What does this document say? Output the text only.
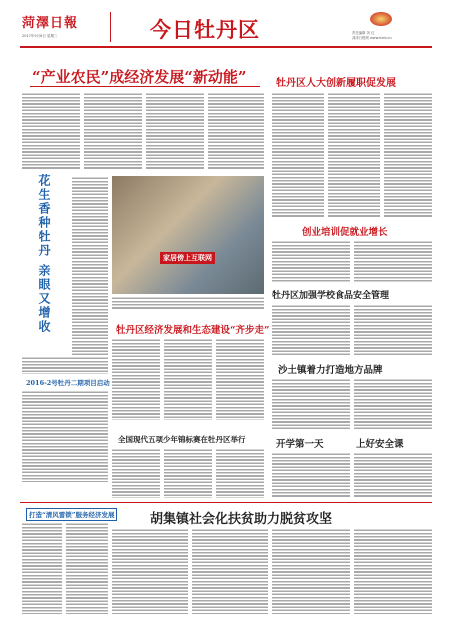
菏澤日報
2017年9月6日 星期三	今日牡丹区	责任编辑 刘 红
菏泽日报网 www.hzrb.cn
“产业农民”成经济发展“新动能”
花生香种牡丹 亲眼又增收	家居傍上互联网
2016-2号牡丹二期项目启动
牡丹区经济发展和生态建设“齐步走”
全国现代五项少年锦标赛在牡丹区举行
牡丹区人大创新履职促发展
创业培训促就业增长
牡丹区加强学校食品安全管理
沙土镇着力打造地方品牌
开学第一天	上好安全课
打造“清风雷锁”服务经济发展	胡集镇社会化扶贫助力脱贫攻坚
